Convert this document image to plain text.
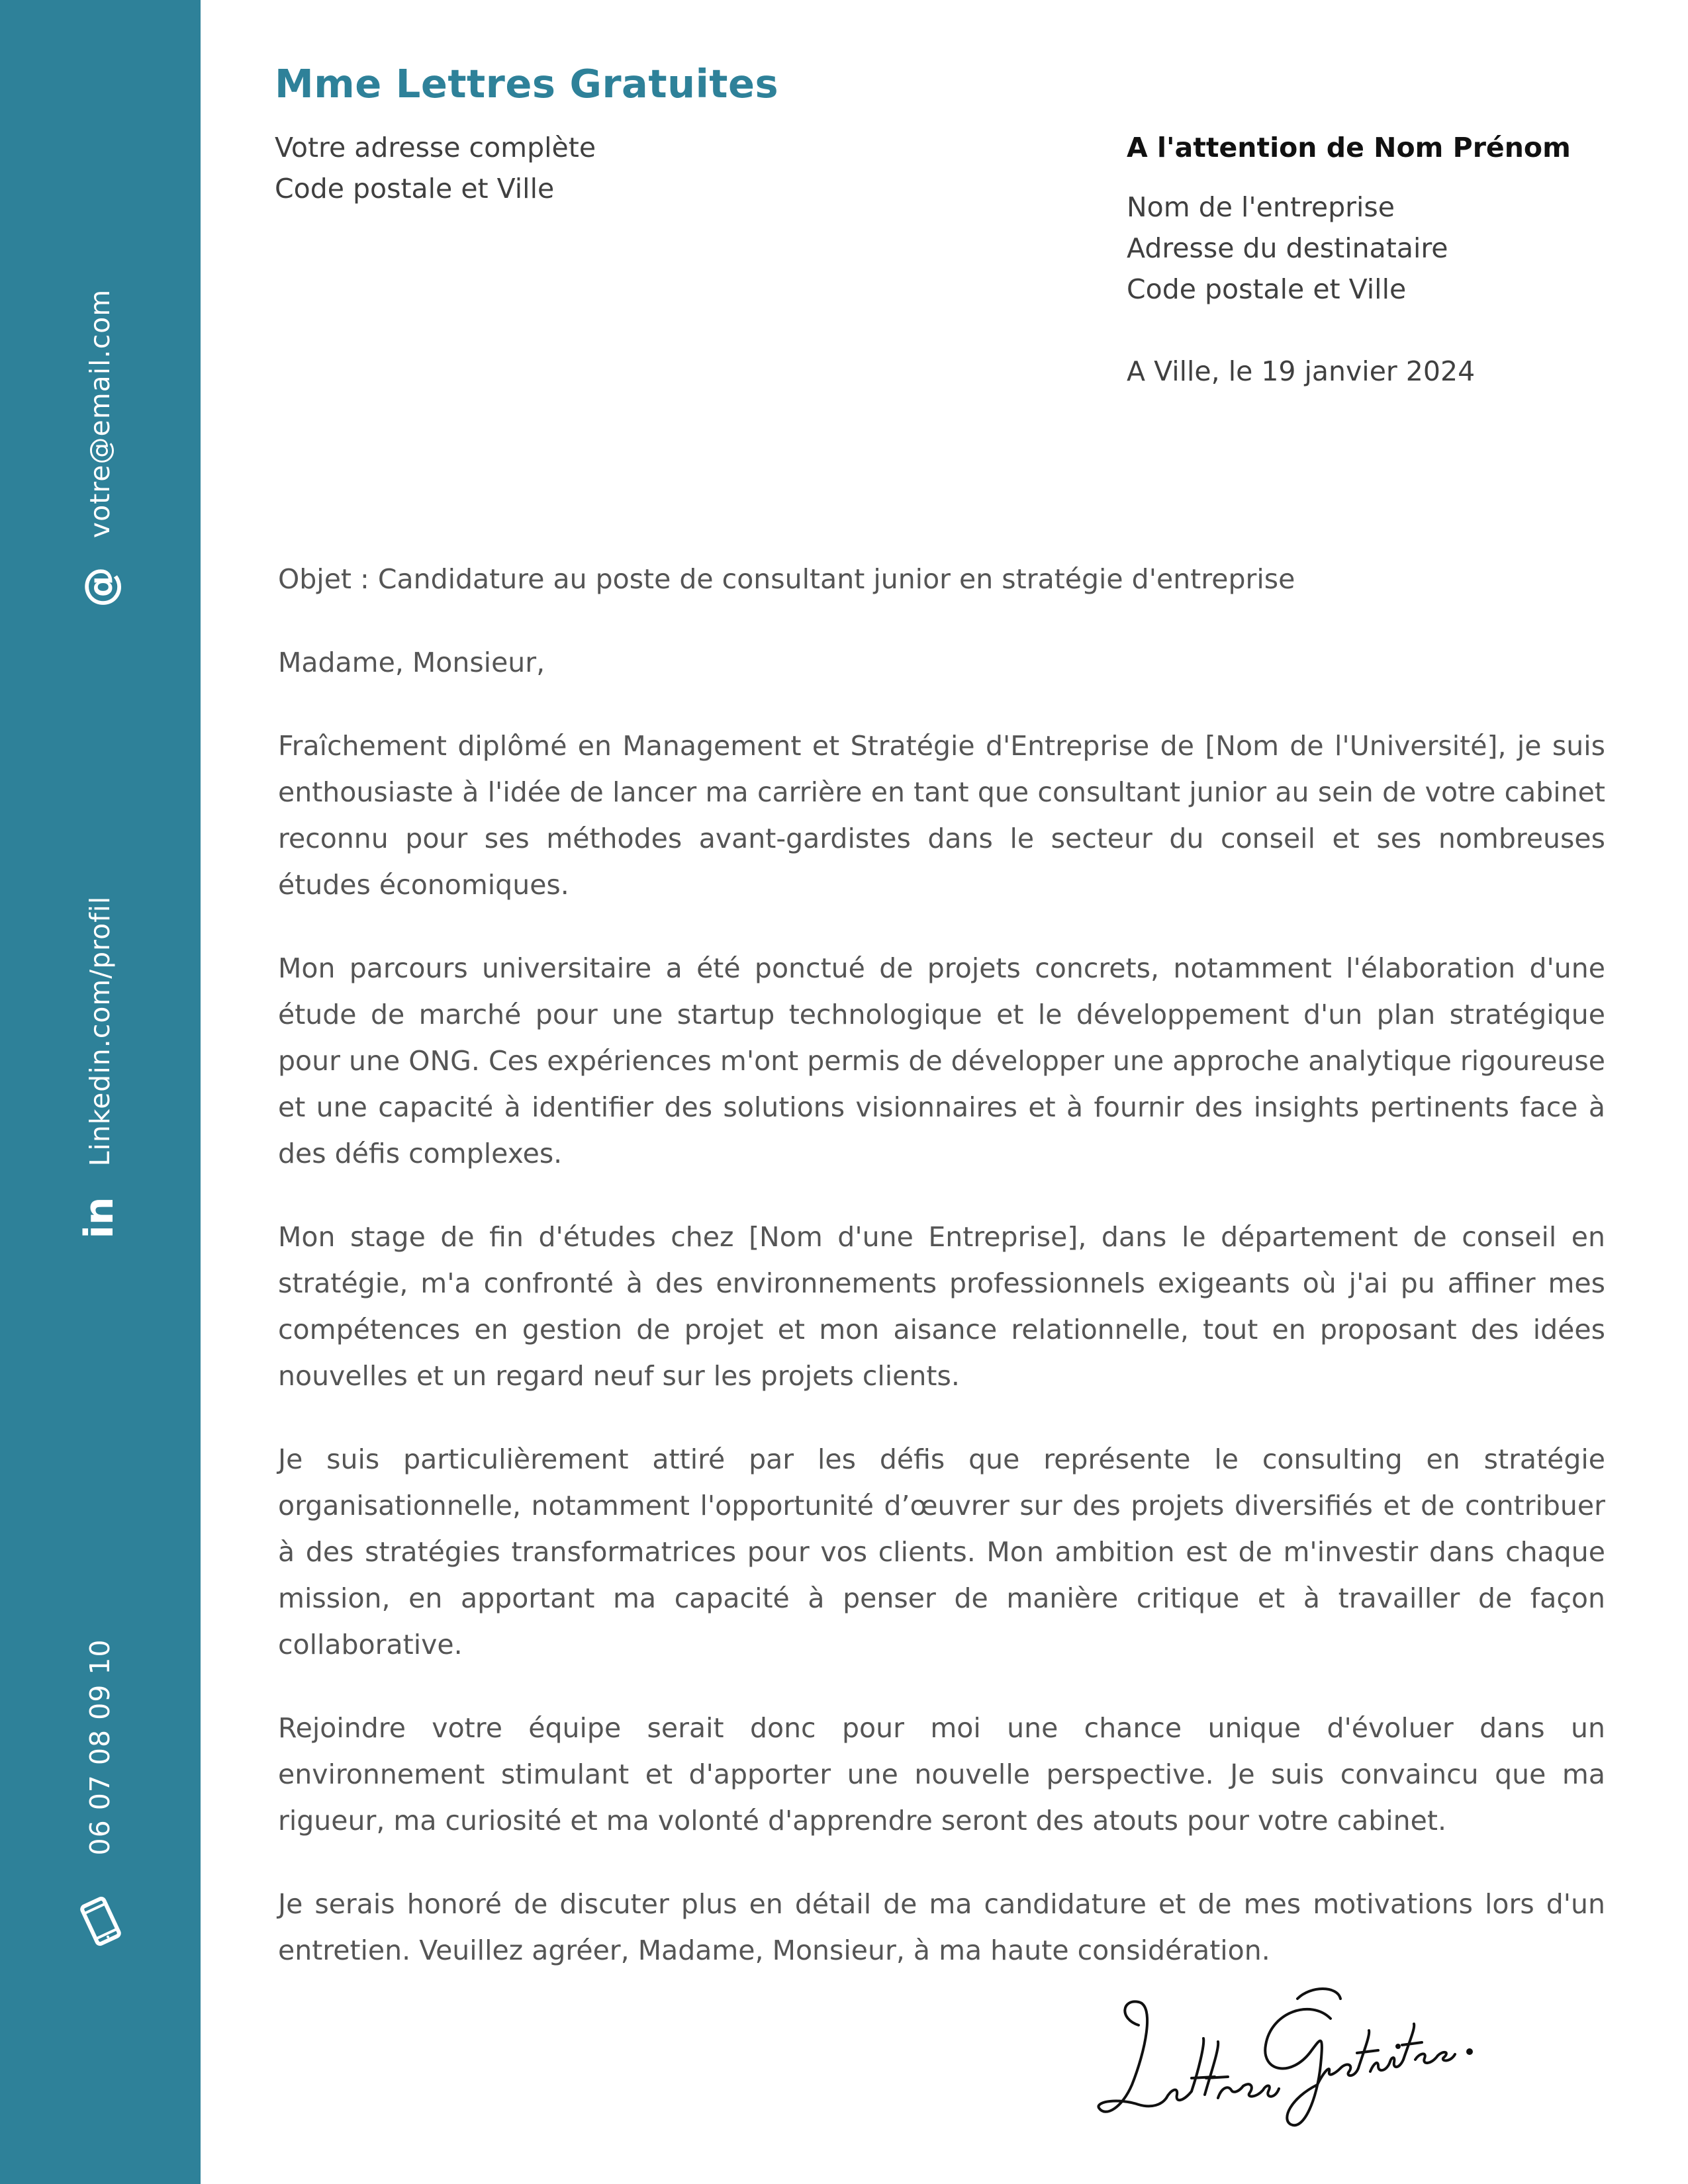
votre@email.com
@
Linkedin.com/profil
in
06 07 08 09 10
Mme Lettres Gratuites
Votre adresse complète
Code postale et Ville
A l'attention de Nom Prénom
Nom de l'entreprise
Adresse du destinataire
Code postale et Ville
A Ville, le 19 janvier 2024

Objet : Candidature au poste de consultant junior en stratégie d'entreprise

Madame, Monsieur,

Fraîchement diplômé en Management et Stratégie d'Entreprise de [Nom de l'Université], je suis enthousiaste à l'idée de lancer ma carrière en tant que consultant junior au sein de votre cabinet reconnu pour ses méthodes avant-gardistes dans le secteur du conseil et ses nombreuses études économiques.

Mon parcours universitaire a été ponctué de projets concrets, notamment l'élaboration d'une étude de marché pour une startup technologique et le développement d'un plan stratégique pour une ONG. Ces expériences m'ont permis de développer une approche analytique rigoureuse et une capacité à identifier des solutions visionnaires et à fournir des insights pertinents face à des défis complexes.

Mon stage de fin d'études chez [Nom d'une Entreprise], dans le département de conseil en stratégie, m'a confronté à des environnements professionnels exigeants où j'ai pu affiner mes compétences en gestion de projet et mon aisance relationnelle, tout en proposant des idées nouvelles et un regard neuf sur les projets clients.

Je suis particulièrement attiré par les défis que représente le consulting en stratégie organisationnelle, notamment l'opportunité d’œuvrer sur des projets diversifiés et de contribuer à des stratégies transformatrices pour vos clients. Mon ambition est de m'investir dans chaque mission, en apportant ma capacité à penser de manière critique et à travailler de façon collaborative.

Rejoindre votre équipe serait donc pour moi une chance unique d'évoluer dans un environnement stimulant et d'apporter une nouvelle perspective. Je suis convaincu que ma rigueur, ma curiosité et ma volonté d'apprendre seront des atouts pour votre cabinet.

Je serais honoré de discuter plus en détail de ma candidature et de mes motivations lors d'un entretien. Veuillez agréer, Madame, Monsieur, à ma haute considération.
